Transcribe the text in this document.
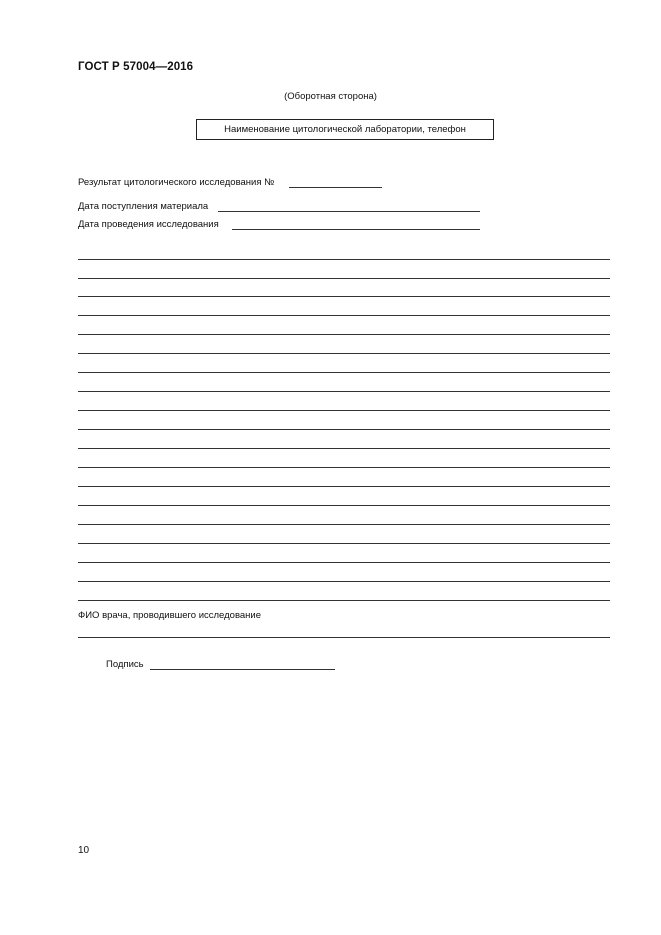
ГОСТ Р 57004—2016
(Оборотная сторона)
Наименование цитологической лаборатории, телефон
Результат цитологического исследования №
Дата поступления материала
Дата проведения исследования
ФИО врача, проводившего исследование
Подпись
10
